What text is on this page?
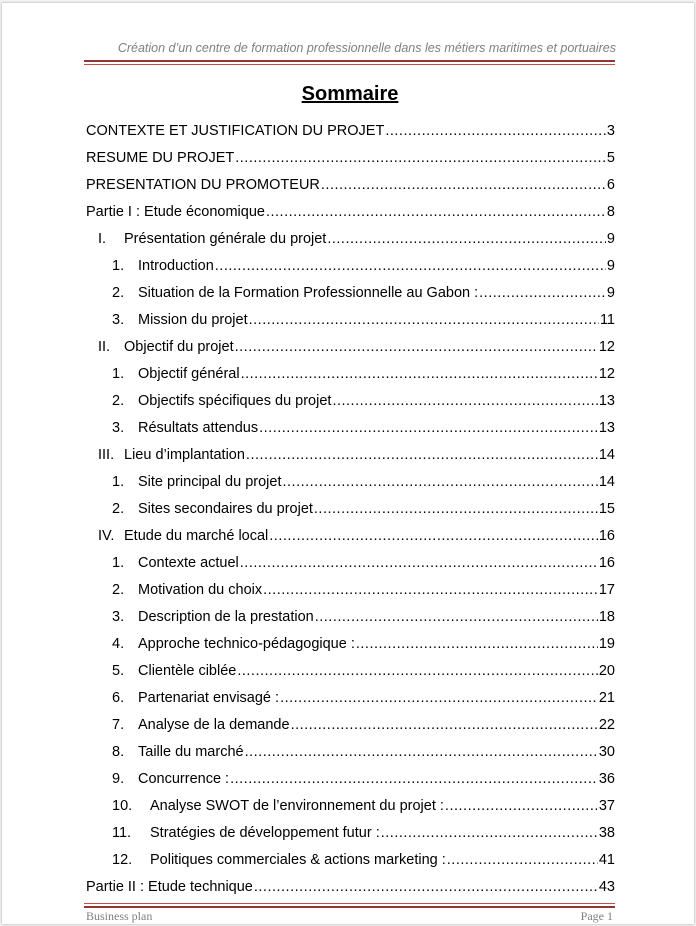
Création d’un centre de formation professionnelle dans les métiers maritimes et portuaires
Sommaire
CONTEXTE ET JUSTIFICATION DU PROJET .....	3
RESUME DU PROJET .....	5
PRESENTATION DU PROMOTEUR .....	6
Partie I : Etude économique .....	8
I.	Présentation générale du projet .....	9
1. Introduction .....	9
2. Situation de la Formation Professionnelle au Gabon : .....	9
3. Mission du projet .....	11
II. Objectif du projet .....	12
1. Objectif général .....	12
2. Objectifs spécifiques du projet .....	13
3. Résultats attendus .....	13
III. Lieu d’implantation .....	14
1. Site principal du projet .....	14
2. Sites secondaires du projet .....	15
IV. Etude du marché local .....	16
1. Contexte actuel .....	16
2. Motivation du choix .....	17
3. Description de la prestation .....	18
4. Approche technico-pédagogique : .....	19
5. Clientèle ciblée .....	20
6. Partenariat envisagé : .....	21
7. Analyse de la demande .....	22
8. Taille du marché .....	30
9. Concurrence : .....	36
10.	Analyse SWOT de l’environnement du projet : .....	37
11.	Stratégies de développement futur : .....	38
12.	Politiques commerciales & actions marketing : .....	41
Partie II : Etude technique .....	43
Business plan	Page 1
